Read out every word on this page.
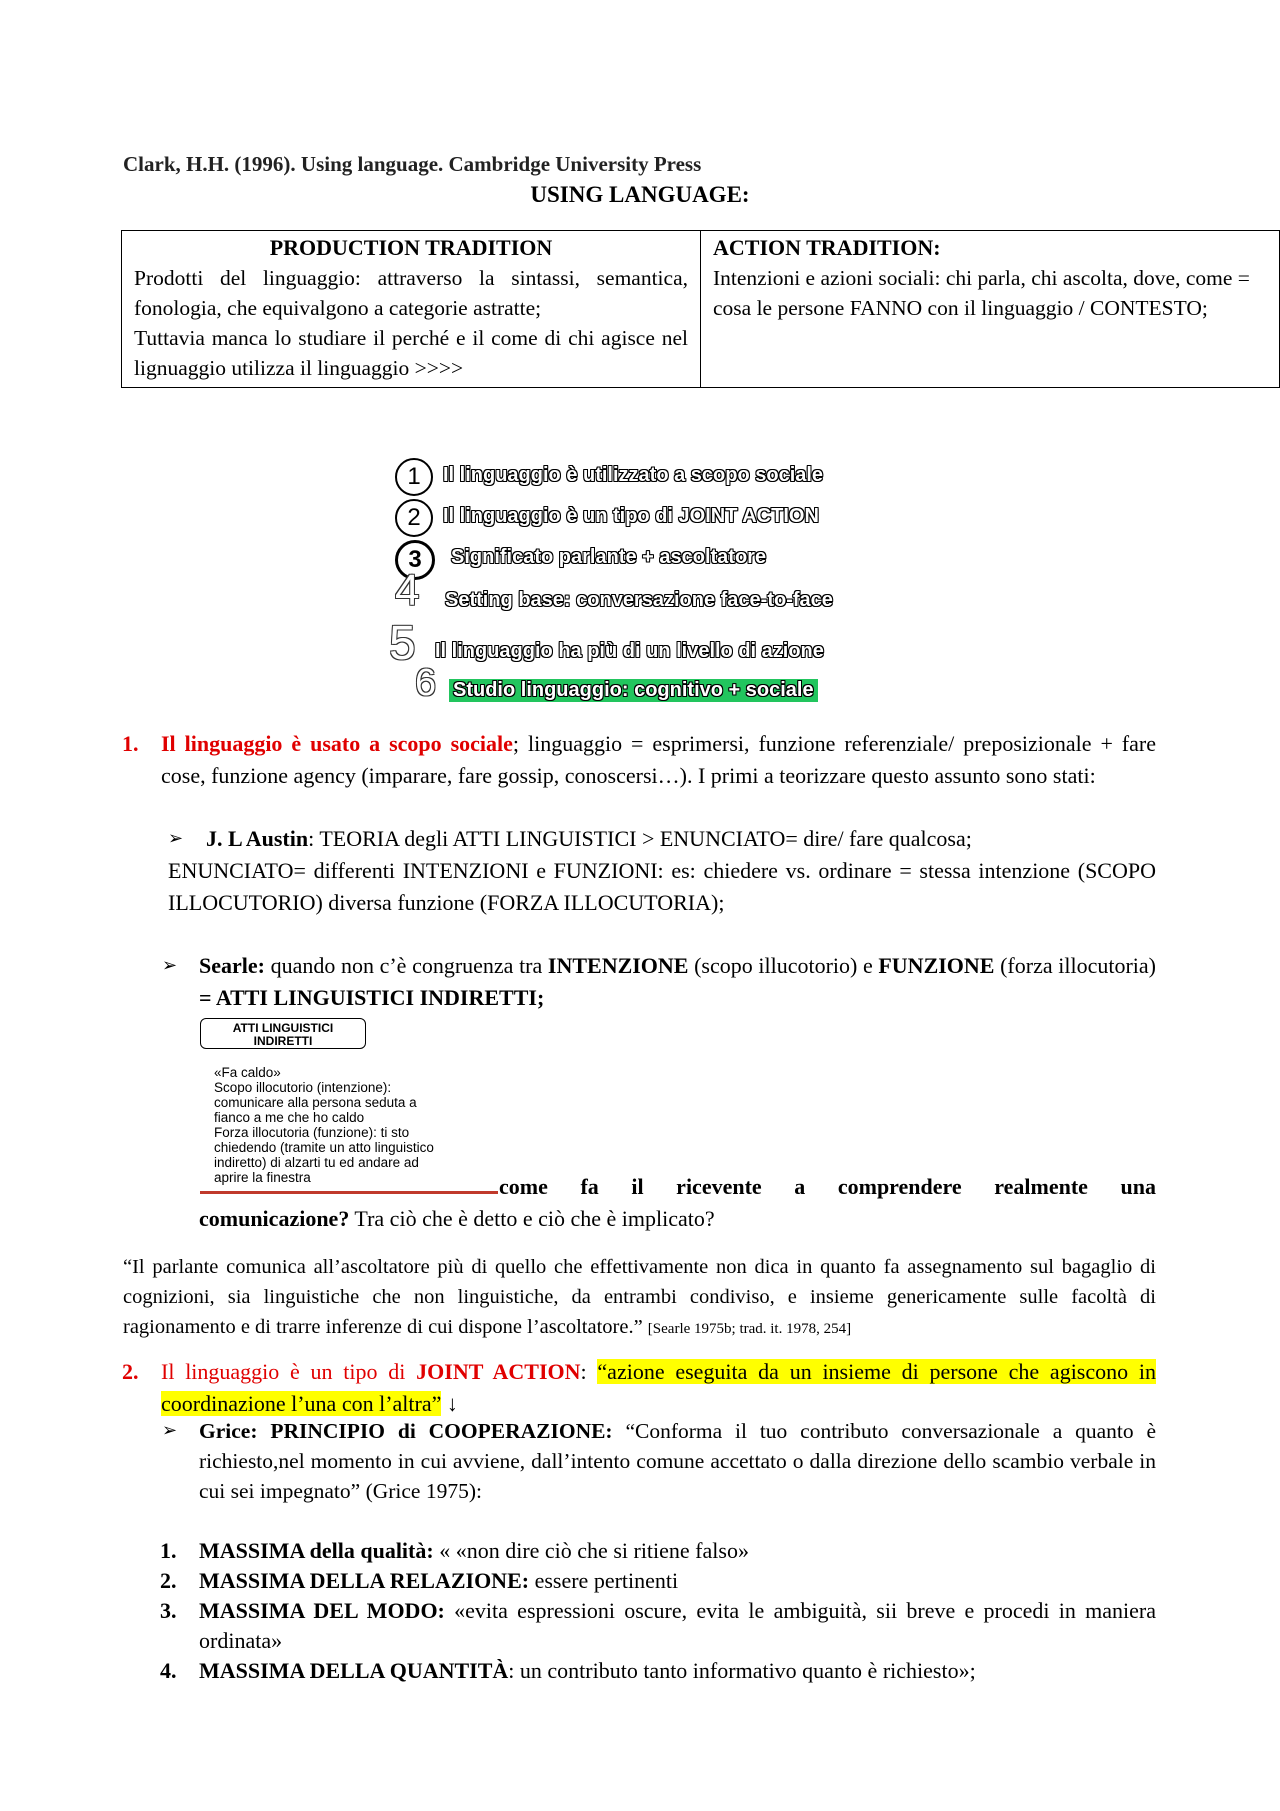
Clark, H.H. (1996). Using language. Cambridge University Press
USING LANGUAGE:
PRODUCTION TRADITION
Prodotti del linguaggio: attraverso la sintassi, semantica, fonologia, che equivalgono a categorie astratte;
Tuttavia manca lo studiare il perché e il come di chi agisce nel lignuaggio utilizza il linguaggio >>>>

ACTION TRADITION:
Intenzioni e azioni sociali: chi parla, chi ascolta, dove, come = cosa le persone FANNO con il linguaggio / CONTESTO;
1	Il linguaggio è utilizzato a scopo sociale
2	Il linguaggio è un tipo di JOINT ACTION
3	Significato parlante + ascoltatore
4 Setting base: conversazione face-to-face
5 Il linguaggio ha più di un livello di azione
6 Studio linguaggio: cognitivo + sociale
1. Il linguaggio è usato a scopo sociale; linguaggio = esprimersi, funzione referenziale/ preposizionale + fare cose, funzione agency (imparare, fare gossip, conoscersi…). I primi a teorizzare questo assunto sono stati:
➢ J. L Austin: TEORIA degli ATTI LINGUISTICI > ENUNCIATO= dire/ fare qualcosa;
ENUNCIATO= differenti INTENZIONI e FUNZIONI: es: chiedere vs. ordinare = stessa intenzione (SCOPO ILLOCUTORIO) diversa funzione (FORZA ILLOCUTORIA);
➢ Searle: quando non c’è congruenza tra INTENZIONE (scopo illucotorio) e FUNZIONE (forza illocutoria) = ATTI LINGUISTICI INDIRETTI;
ATTI LINGUISTICI
INDIRETTI
«Fa caldo»
Scopo illocutorio (intenzione):
comunicare alla persona seduta a
fianco a me che ho caldo
Forza illocutoria (funzione): ti sto
chiedendo (tramite un atto linguistico
indiretto) di alzarti tu ed andare ad
aprire la finestra	come fa il ricevente a comprendere realmente una
comunicazione? Tra ciò che è detto e ciò che è implicato?
“Il parlante comunica all’ascoltatore più di quello che effettivamente non dica in quanto fa assegnamento sul bagaglio di cognizioni, sia linguistiche che non linguistiche, da entrambi condiviso, e insieme genericamente sulle facoltà di ragionamento e di trarre inferenze di cui dispone l’ascoltatore.” [Searle 1975b; trad. it. 1978, 254]
2. Il linguaggio è un tipo di JOINT ACTION: “azione eseguita da un insieme di persone che agiscono in coordinazione l’una con l’altra” ↓
➢ Grice: PRINCIPIO di COOPERAZIONE: “Conforma il tuo contributo conversazionale a quanto è richiesto,nel momento in cui avviene, dall’intento comune accettato o dalla direzione dello scambio verbale in cui sei impegnato” (Grice 1975):
1. MASSIMA della qualità: « «non dire ciò che si ritiene falso»
2. MASSIMA DELLA RELAZIONE: essere pertinenti
3. MASSIMA DEL MODO: «evita espressioni oscure, evita le ambiguità, sii breve e procedi in maniera ordinata»
4. MASSIMA DELLA QUANTITÀ: un contributo tanto informativo quanto è richiesto»;
